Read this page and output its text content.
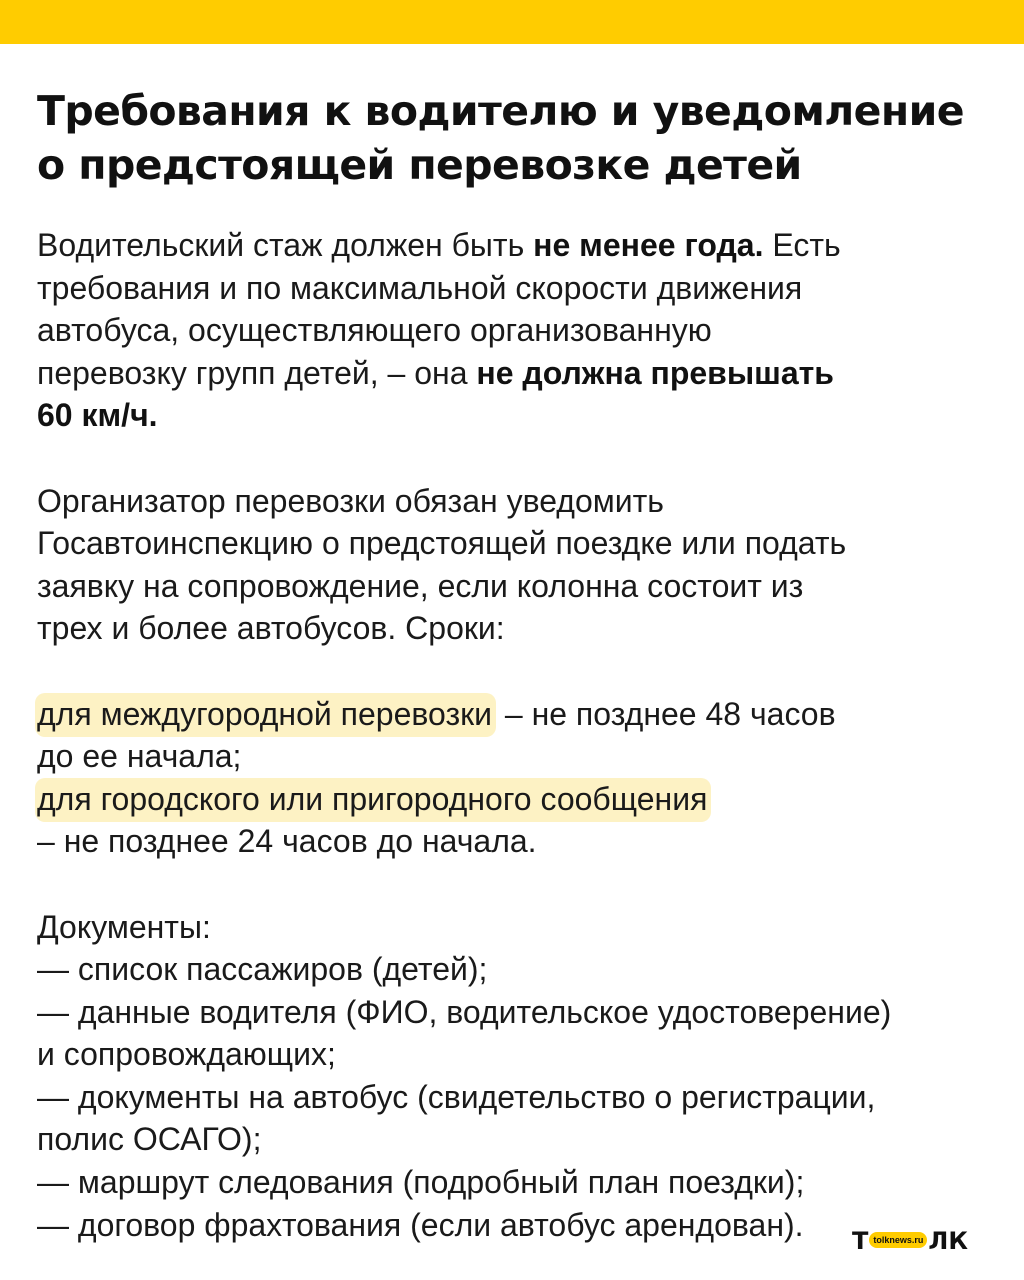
Требования к водителю и уведомление
о предстоящей перевозке детей

Водительский стаж должен быть не менее года. Есть
требования и по максимальной скорости движения
автобуса, осуществляющего организованную
перевозку групп детей, – она не должна превышать
60 км/ч.

Организатор перевозки обязан уведомить
Госавтоинспекцию о предстоящей поездке или подать
заявку на сопровождение, если колонна состоит из
трех и более автобусов. Сроки:

для междугородной перевозки – не позднее 48 часов
до ее начала;
для городского или пригородного сообщения
– не позднее 24 часов до начала.

Документы:
— список пассажиров (детей);
— данные водителя (ФИО, водительское удостоверение)
и сопровождающих;
— документы на автобус (свидетельство о регистрации,
полис ОСАГО);
— маршрут следования (подробный план поездки);
— договор фрахтования (если автобус арендован).	Т tolknews.ru ЛК
